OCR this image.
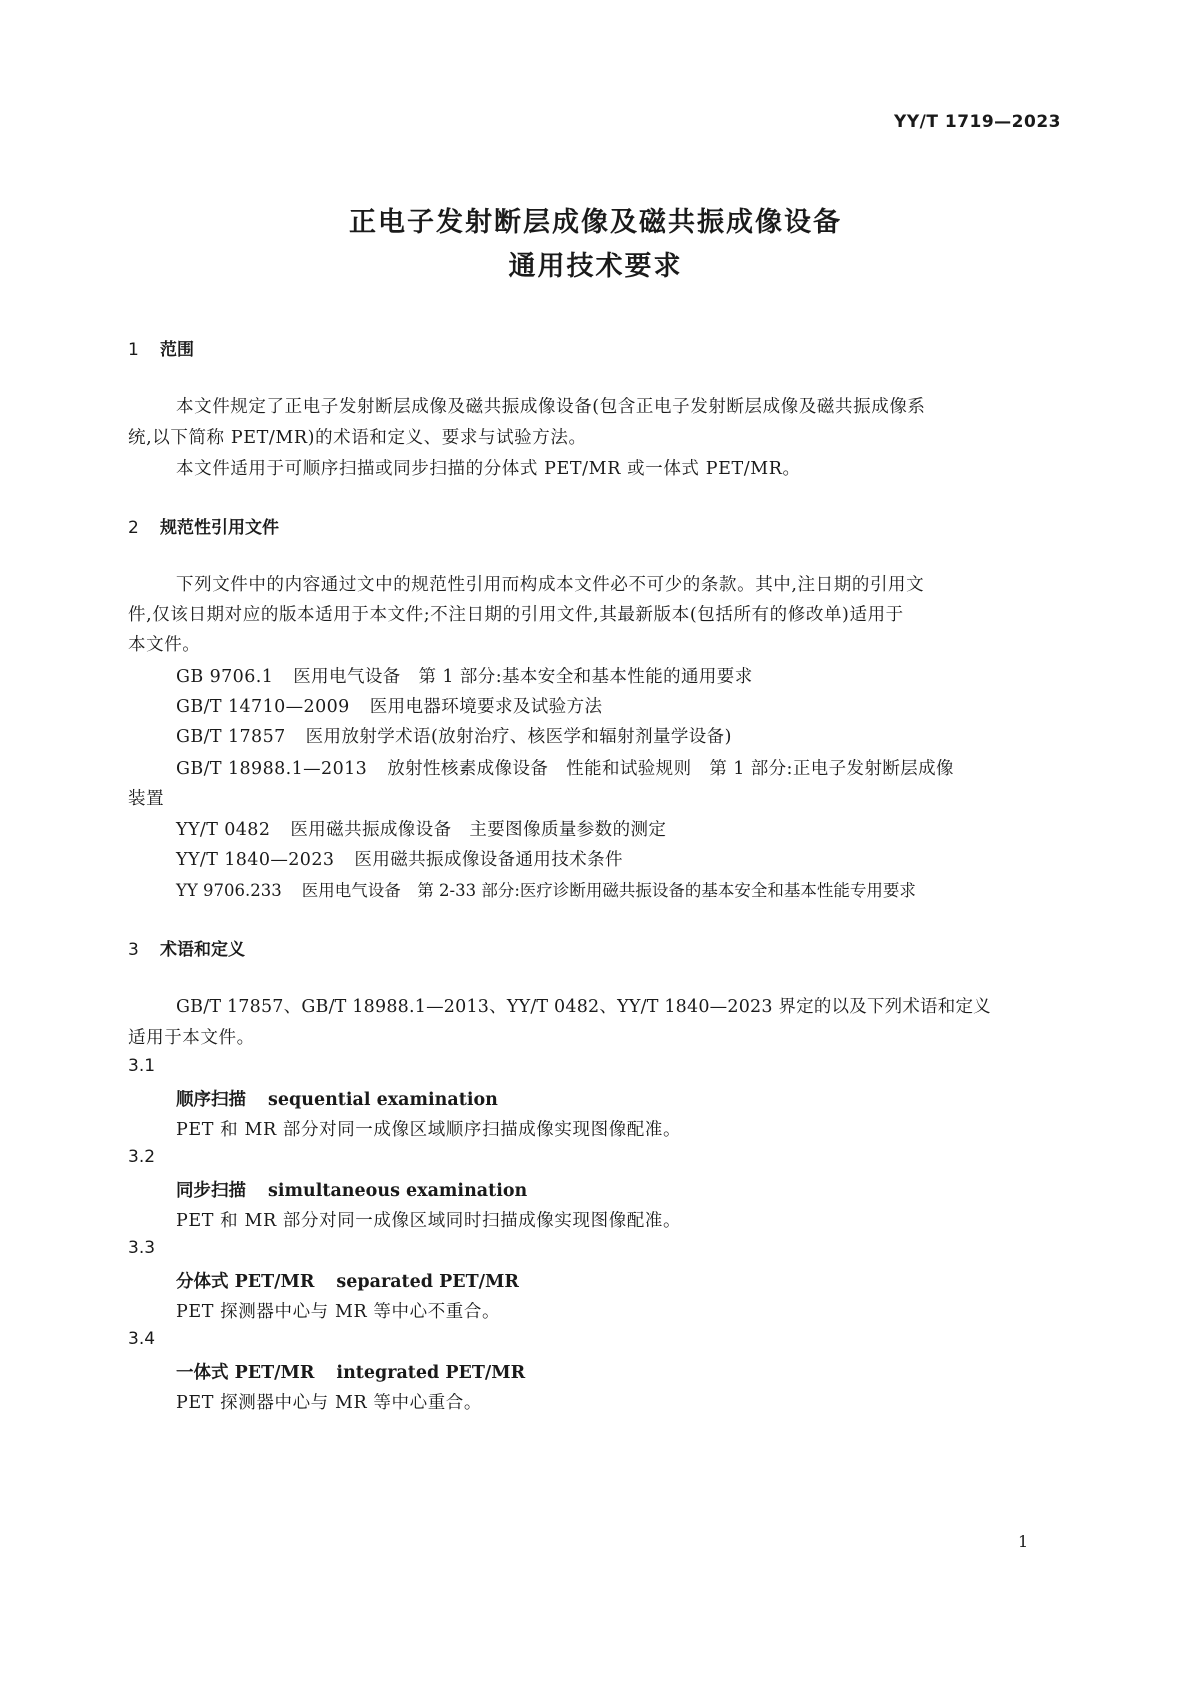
YY/T 1719—2023
正电子发射断层成像及磁共振成像设备
通用技术要求
1 范围
本文件规定了正电子发射断层成像及磁共振成像设备(包含正电子发射断层成像及磁共振成像系
统,以下简称 PET/MR)的术语和定义、要求与试验方法。
本文件适用于可顺序扫描或同步扫描的分体式 PET/MR 或一体式 PET/MR。
2 规范性引用文件
下列文件中的内容通过文中的规范性引用而构成本文件必不可少的条款。其中,注日期的引用文
件,仅该日期对应的版本适用于本文件;不注日期的引用文件,其最新版本(包括所有的修改单)适用于
本文件。
GB 9706.1 医用电气设备　第 1 部分:基本安全和基本性能的通用要求
GB/T 14710—2009 医用电器环境要求及试验方法
GB/T 17857 医用放射学术语(放射治疗、核医学和辐射剂量学设备)
GB/T 18988.1—2013 放射性核素成像设备　性能和试验规则　第 1 部分:正电子发射断层成像
装置
YY/T 0482 医用磁共振成像设备　主要图像质量参数的测定
YY/T 1840—2023 医用磁共振成像设备通用技术条件
YY 9706.233 医用电气设备　第 2-33 部分:医疗诊断用磁共振设备的基本安全和基本性能专用要求
3 术语和定义
GB/T 17857、GB/T 18988.1—2013、YY/T 0482、YY/T 1840—2023 界定的以及下列术语和定义
适用于本文件。
3.1
顺序扫描 sequential examination
PET 和 MR 部分对同一成像区域顺序扫描成像实现图像配准。
3.2
同步扫描 simultaneous examination
PET 和 MR 部分对同一成像区域同时扫描成像实现图像配准。
3.3
分体式 PET/MR separated PET/MR
PET 探测器中心与 MR 等中心不重合。
3.4
一体式 PET/MR integrated PET/MR
PET 探测器中心与 MR 等中心重合。
1
